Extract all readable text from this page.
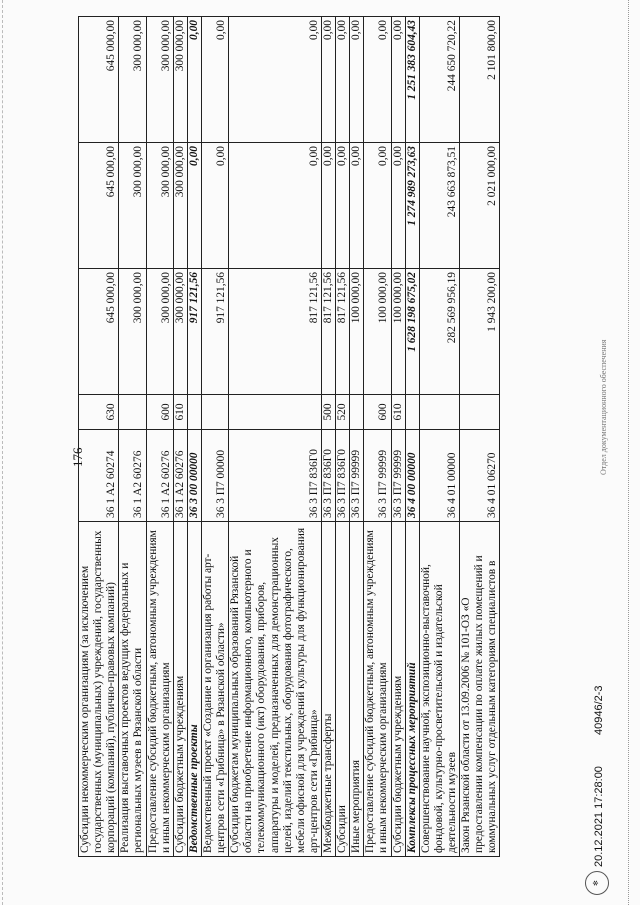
176
Субсидии некоммерческим организациям (за исключением государственных (муниципальных) учреждений, государственных корпораций (компаний), публично-правовых компаний)	36 1 A2 60274	630	645 000,00	645 000,00	645 000,00
Реализация выставочных проектов ведущих федеральных и региональных музеев в Рязанской области	36 1 A2 60276		300 000,00	300 000,00	300 000,00
Предоставление субсидий бюджетным, автономным учреждениям и иным некоммерческим организациям	36 1 A2 60276	600	300 000,00	300 000,00	300 000,00
Субсидии бюджетным учреждениям	36 1 A2 60276	610	300 000,00	300 000,00	300 000,00
Ведомственные проекты	36 3 00 00000		917 121,56	0,00	0,00
Ведомственный проект «Создание и организация работы арт-центров сети «Грибница» в Рязанской области»	36 3 П7 00000		917 121,56	0,00	0,00
Субсидии бюджетам муниципальных образований Рязанской области на приобретение информационного, компьютерного и телекоммуникационного (икт) оборудования, приборов, аппаратуры и моделей, предназначенных для демонстрационных целей, изделий текстильных, оборудования фотографического, мебели офисной для учреждений культуры для функционирования арт-центров сети «Грибница»	36 3 П7 836Г0		817 121,56	0,00	0,00
Межбюджетные трансферты	36 3 П7 836Г0	500	817 121,56	0,00	0,00
Субсидии	36 3 П7 836Г0	520	817 121,56	0,00	0,00
Иные мероприятия	36 3 П7 99999		100 000,00	0,00	0,00
Предоставление субсидий бюджетным, автономным учреждениям и иным некоммерческим организациям	36 3 П7 99999	600	100 000,00	0,00	0,00
Субсидии бюджетным учреждениям	36 3 П7 99999	610	100 000,00	0,00	0,00
Комплексы процессных мероприятий	36 4 00 00000		1 628 198 675,02	1 274 989 273,63	1 251 383 604,43
Совершенствование научной, экспозиционно-выставочной, фондовой, культурно-просветительской и издательской деятельности музеев	36 4 01 00000		282 569 956,19	243 663 873,51	244 650 720,22
Закон Рязанской области от 13.09.2006 № 101-ОЗ «О предоставлении компенсации по оплате жилых помещений и коммунальных услуг отдельным категориям специалистов в	36 4 01 06270		1 943 200,00	2 021 000,00	2 101 800,00
✻
20.12.2021 17:28:00
40946/2-3
Отдел документационного обеспечения
